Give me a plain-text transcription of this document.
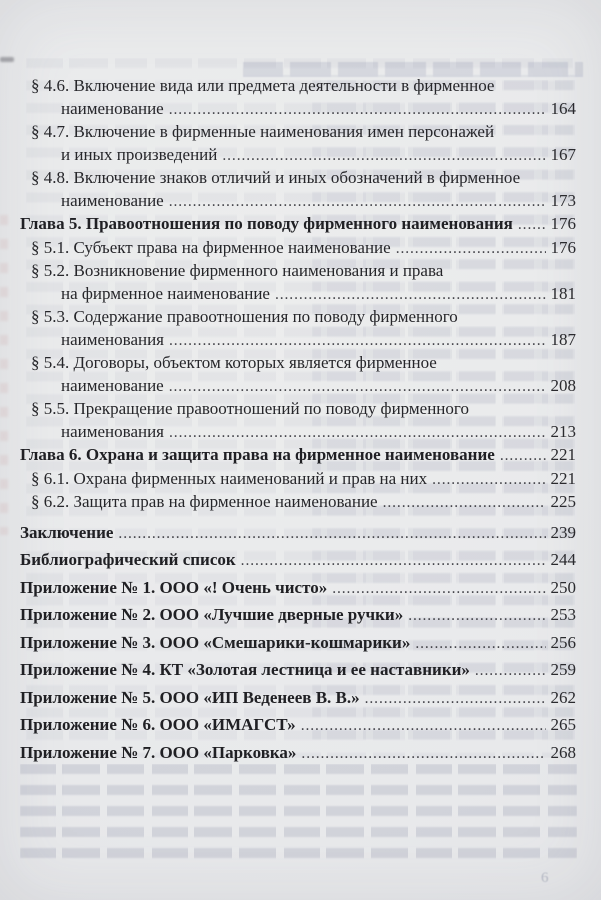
§ 4.6. Включение вида или предмета деятельности в фирменное
наименование .....	164
§ 4.7. Включение в фирменные наименования имен персонажей
и иных произведений .....	167
§ 4.8. Включение знаков отличий и иных обозначений в фирменное
наименование .....	173
Глава 5. Правоотношения по поводу фирменного наименования ..... 176
§ 5.1. Субъект права на фирменное наименование .....	176
§ 5.2. Возникновение фирменного наименования и права
на фирменное наименование .....	181
§ 5.3. Содержание правоотношения по поводу фирменного
наименования .....	187
§ 5.4. Договоры, объектом которых является фирменное
наименование .....	208
§ 5.5. Прекращение правоотношений по поводу фирменного
наименования .....	213
Глава 6. Охрана и защита права на фирменное наименование .....	221
§ 6.1. Охрана фирменных наименований и прав на них .....	221
§ 6.2. Защита прав на фирменное наименование .....	225
Заключение .....	239
Библиографический список .....	244
Приложение № 1. ООО «! Очень чисто» .....	250
Приложение № 2. ООО «Лучшие дверные ручки» .....	253
Приложение № 3. ООО «Смешарики-кошмарики» .....	256
Приложение № 4. КТ «Золотая лестница и ее наставники» .....	259
Приложение № 5. ООО «ИП Веденеев В. В.» .....	262
Приложение № 6. ООО «ИМАГСТ» .....	265
Приложение № 7. ООО «Парковка» .....	268
6
